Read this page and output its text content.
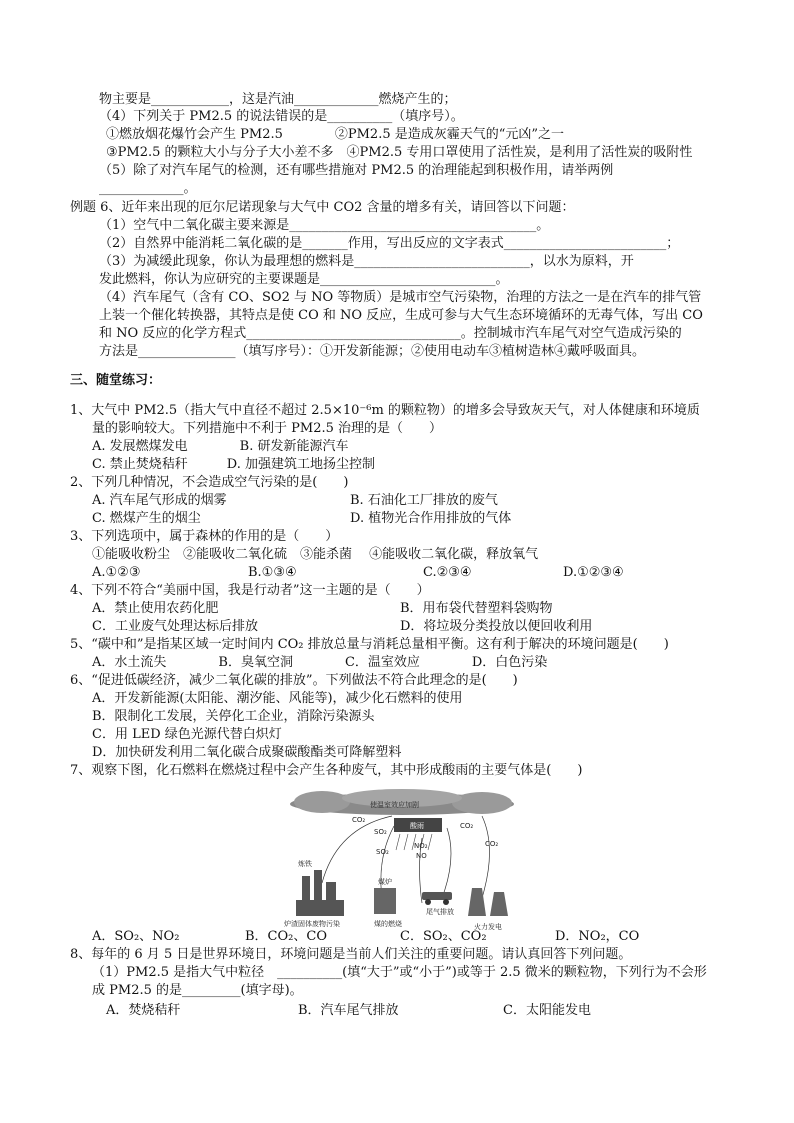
物主要是____________，这是汽油_____________燃烧产生的；
（4）下列关于 PM2.5 的说法错误的是__________（填序号）。
①燃放烟花爆竹会产生 PM2.5　　　　②PM2.5 是造成灰霾天气的“元凶”之一
③PM2.5 的颗粒大小与分子大小差不多　④PM2.5 专用口罩使用了活性炭，是利用了活性炭的吸附性
（5）除了对汽车尾气的检测，还有哪些措施对 PM2.5 的治理能起到积极作用，请举两例
_____________。
例题 6、近年来出现的厄尔尼诺现象与大气中 CO2 含量的增多有关，请回答以下问题：
（1）空气中二氧化碳主要来源是______________________________________。
（2）自然界中能消耗二氧化碳的是_______作用，写出反应的文字表式_________________________；
（3）为减缓此现象，你认为最理想的燃料是___________________________，以水为原料，开
发此燃料，你认为应研究的主要课题是___________________________。
（4）汽车尾气（含有 CO、SO2 与 NO 等物质）是城市空气污染物，治理的方法之一是在汽车的排气管
上装一个催化转换器，其特点是使 CO 和 NO 反应，生成可参与大气生态环境循环的无毒气体，写出 CO
和 NO 反应的化学方程式_________________________________。控制城市汽车尾气对空气造成污染的
方法是_______________（填写序号）：①开发新能源；②使用电动车③植树造林④戴呼吸面具。
三、随堂练习：
1、大气中 PM2.5（指大气中直径不超过 2.5×10⁻⁶m 的颗粒物）的增多会导致灰天气，对人体健康和环境质
量的影响较大。下列措施中不利于 PM2.5 治理的是（　　）
A. 发展燃煤发电　　　　B. 研发新能源汽车
C. 禁止焚烧秸秆　　　D. 加强建筑工地扬尘控制
2、下列几种情况，不会造成空气污染的是(　　)
A. 汽车尾气形成的烟雾	B. 石油化工厂排放的废气
C. 燃煤产生的烟尘	D. 植物光合作用排放的气体
3、下列选项中，属于森林的作用的是（　　）
①能吸收粉尘　②能吸收二氧化硫　③能杀菌　 ④能吸收二氧化碳，释放氧气
A.①②③	B.①③④	C.②③④	D.①②③④
4、下列不符合“美丽中国，我是行动者”这一主题的是（　　）
A．禁止使用农药化肥	B．用布袋代替塑料袋购物
C．工业废气处理达标后排放	D．将垃圾分类投放以便回收利用
5、“碳中和”是指某区域一定时间内 CO₂ 排放总量与消耗总量相平衡。这有利于解决的环境问题是(　　)
A．水土流失　　　　B．臭氧空洞　　　　C．温室效应　　　　D．白色污染
6、“促进低碳经济，减少二氧化碳的排放”。下列做法不符合此理念的是(　　)
A．开发新能源(太阳能、潮汐能、风能等)，减少化石燃料的使用
B．限制化工发展，关停化工企业，消除污染源头
C．用 LED 绿色光源代替白炽灯
D．加快研发利用二氧化碳合成聚碳酸酯类可降解塑料
7、观察下图，化石燃料在燃烧过程中会产生各种废气，其中形成酸雨的主要气体是(　　)
A．SO₂、NO₂	B．CO₂、CO	C．SO₂、CO₂	D．NO₂，CO
8、每年的 6 月 5 日是世界环境日，环境问题是当前人们关注的重要问题。请认真回答下列问题。
（1）PM2.5 是指大气中粒径　__________(填“大于”或“小于”)或等于 2.5 微米的颗粒物，下列行为不会形
成 PM2.5 的是_________(填字母)。
A．焚烧秸秆	B．汽车尾气排放	C．太阳能发电
使温室效应加剧
酸雨
CO₂
SO₂
CO₂
CO₂
SO₂
NO₂
NO
炼铁
煤炉
尾气排放
炉渣固体废物污染	煤的燃烧	火力发电
